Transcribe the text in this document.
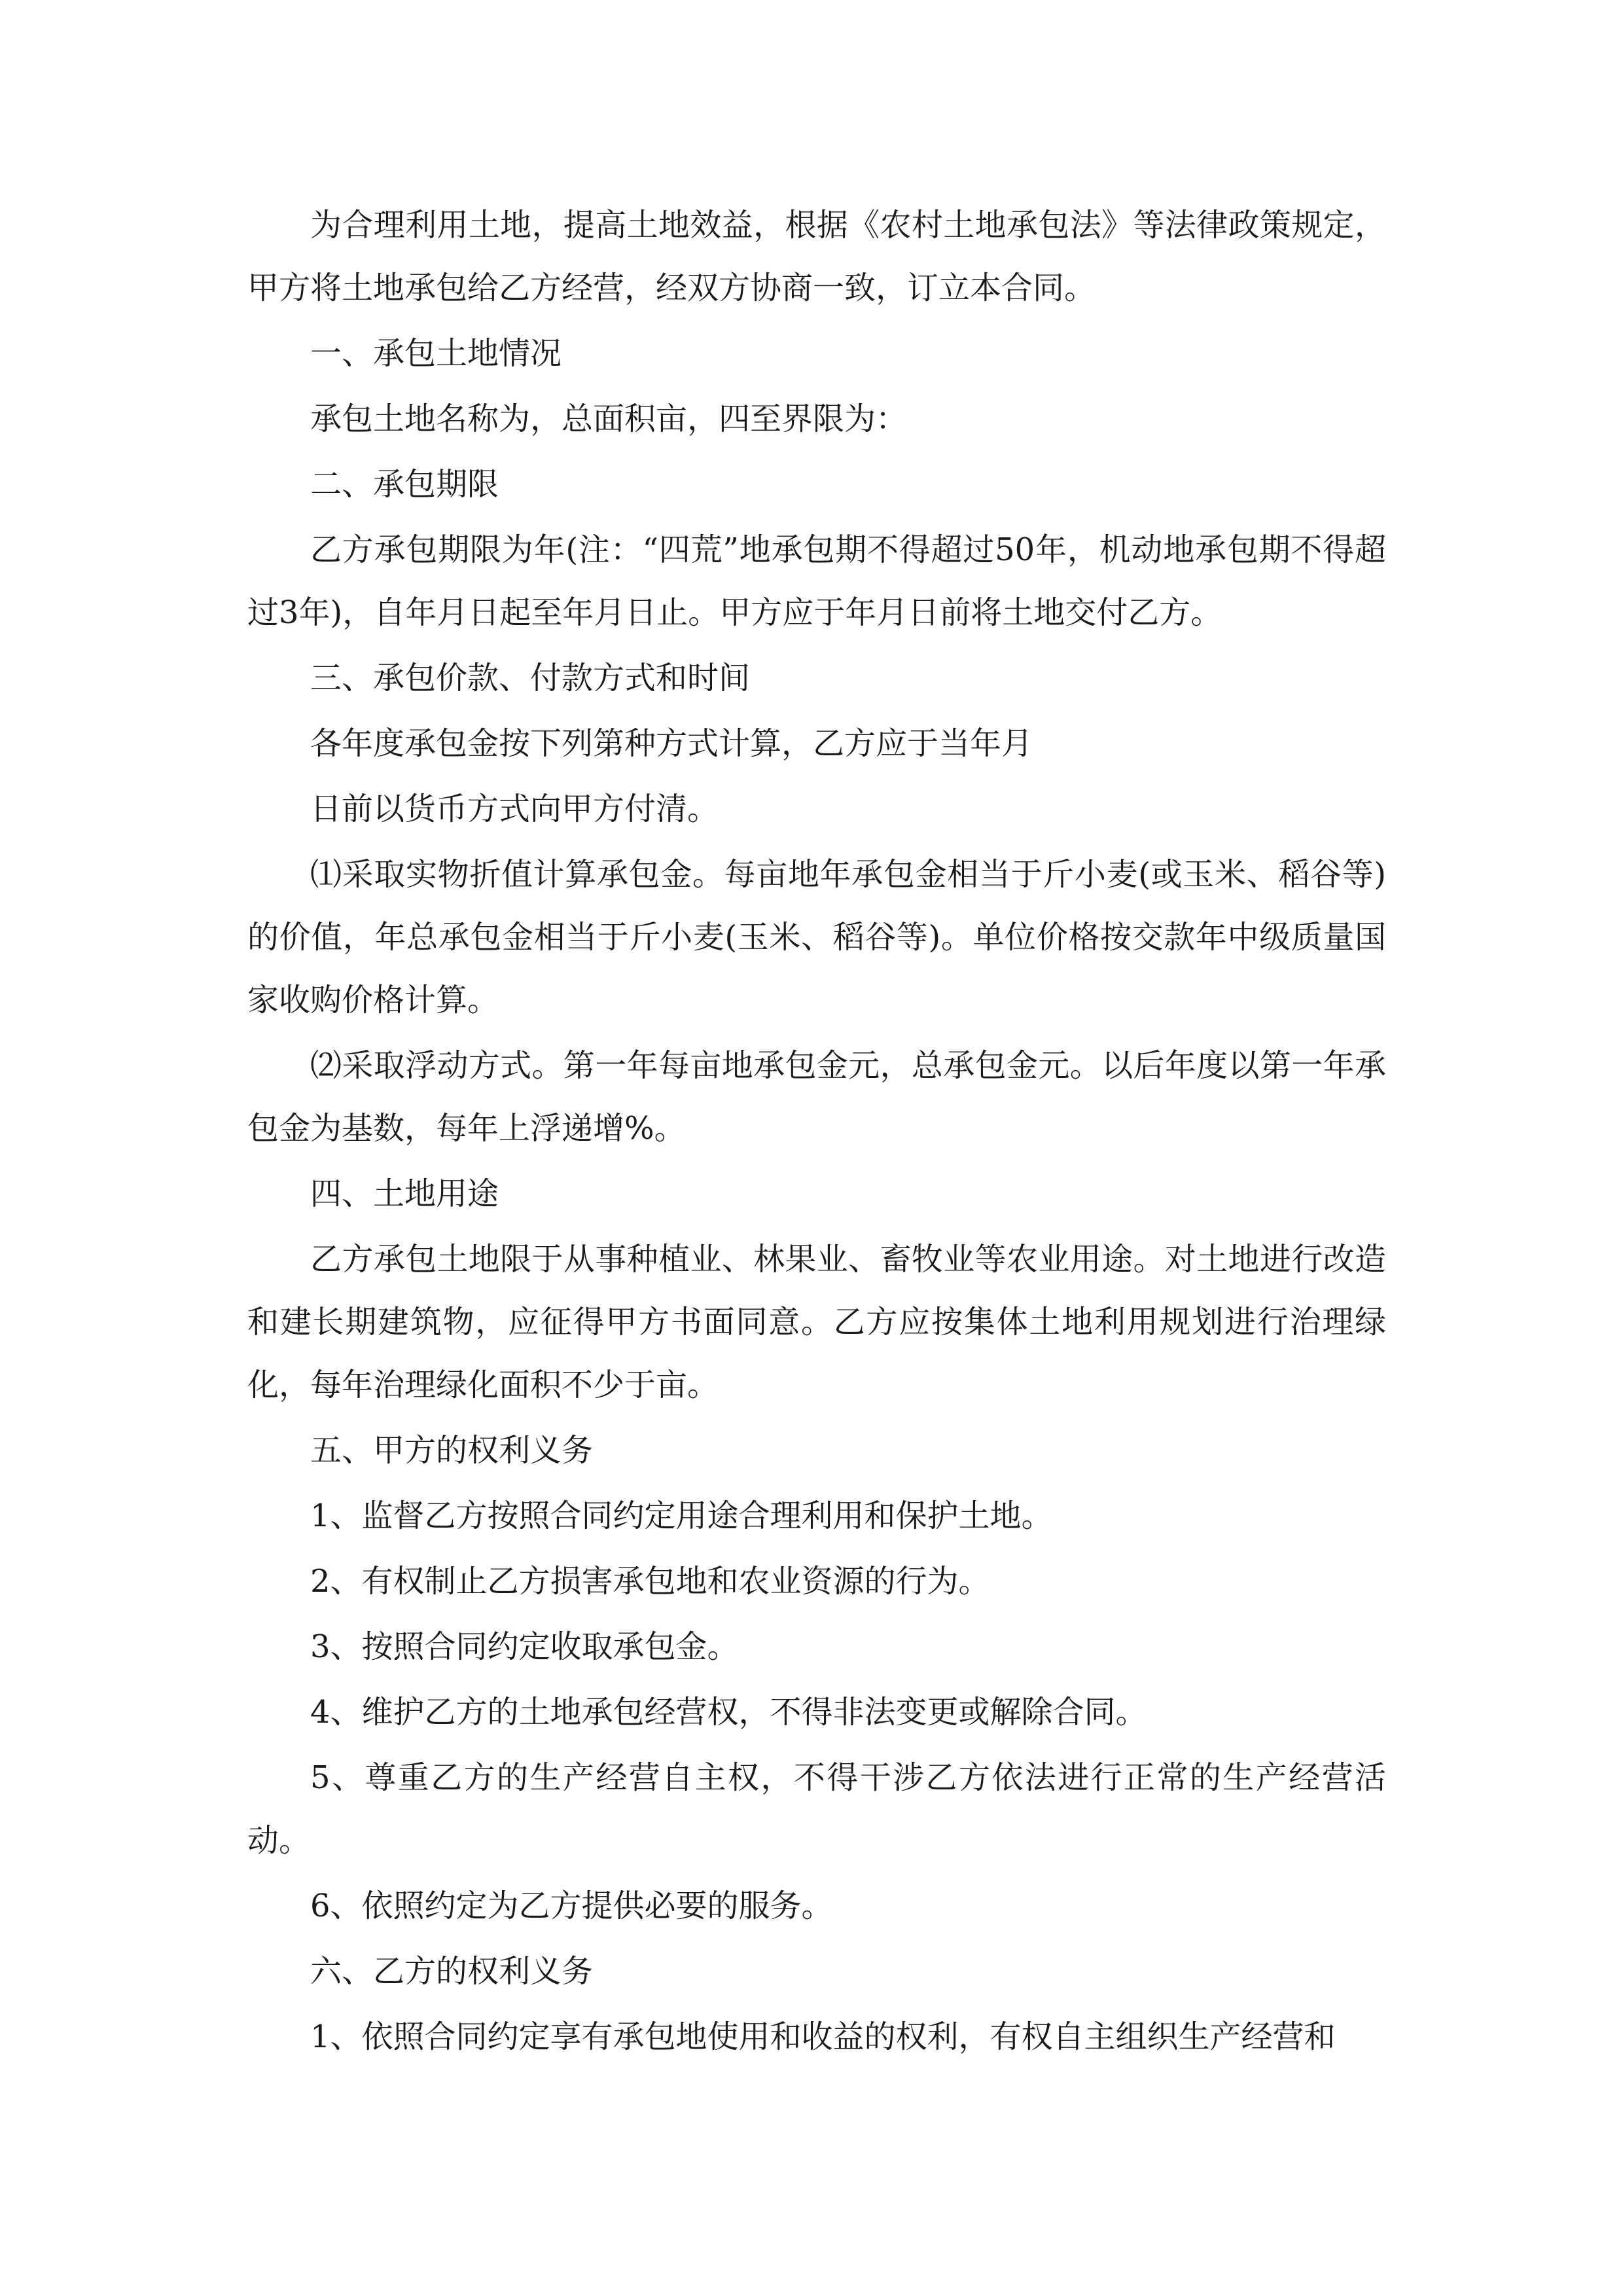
为合理利用土地，提高土地效益，根据《农村土地承包法》等法律政策规定，甲方将土地承包给乙方经营，经双方协商一致，订立本合同。

一、承包土地情况

承包土地名称为，总面积亩，四至界限为：

二、承包期限

乙方承包期限为年(注：“四荒”地承包期不得超过50年，机动地承包期不得超过3年)，自年月日起至年月日止。甲方应于年月日前将土地交付乙方。

三、承包价款、付款方式和时间

各年度承包金按下列第种方式计算，乙方应于当年月

日前以货币方式向甲方付清。

⑴采取实物折值计算承包金。每亩地年承包金相当于斤小麦(或玉米、稻谷等)的价值，年总承包金相当于斤小麦(玉米、稻谷等)。单位价格按交款年中级质量国家收购价格计算。

⑵采取浮动方式。第一年每亩地承包金元，总承包金元。以后年度以第一年承包金为基数，每年上浮递增%。

四、土地用途

乙方承包土地限于从事种植业、林果业、畜牧业等农业用途。对土地进行改造和建长期建筑物，应征得甲方书面同意。乙方应按集体土地利用规划进行治理绿化，每年治理绿化面积不少于亩。

五、甲方的权利义务

1、监督乙方按照合同约定用途合理利用和保护土地。

2、有权制止乙方损害承包地和农业资源的行为。

3、按照合同约定收取承包金。

4、维护乙方的土地承包经营权，不得非法变更或解除合同。

5、尊重乙方的生产经营自主权，不得干涉乙方依法进行正常的生产经营活动。

6、依照约定为乙方提供必要的服务。

六、乙方的权利义务

1、依照合同约定享有承包地使用和收益的权利，有权自主组织生产经营和
